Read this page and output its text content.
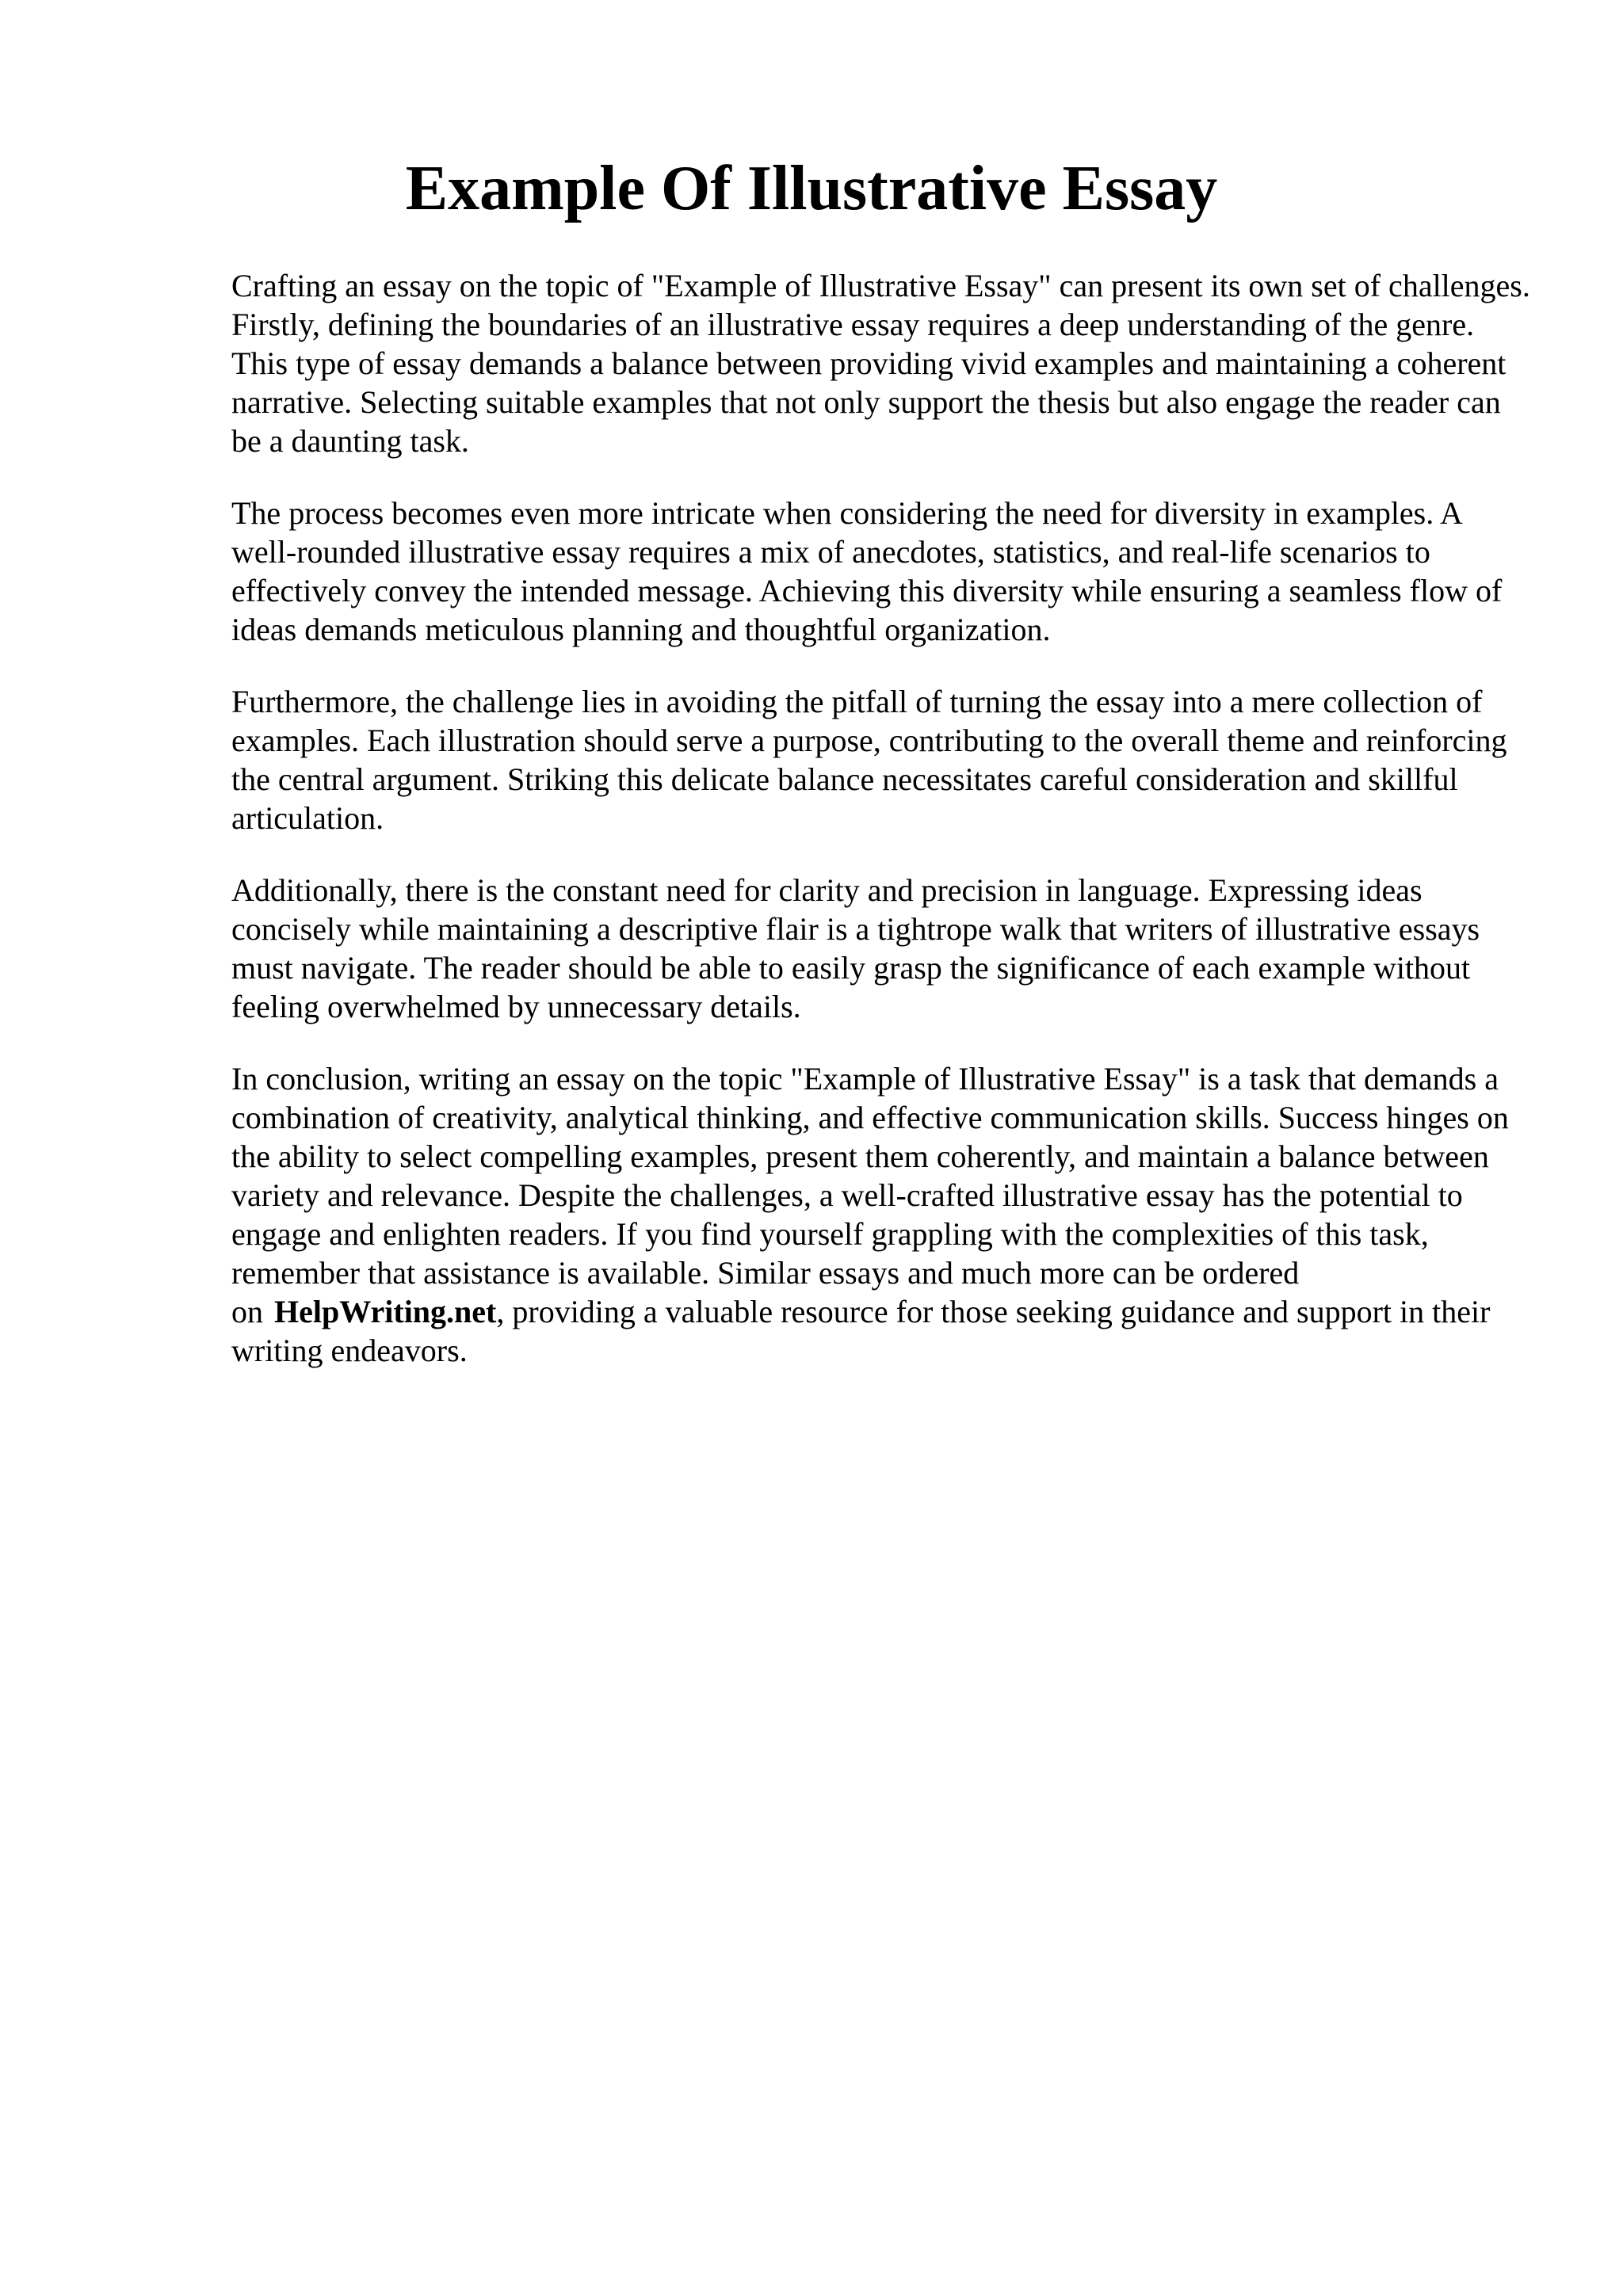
Example Of Illustrative Essay

Crafting an essay on the topic of "Example of Illustrative Essay" can present its own set of challenges. Firstly, defining the boundaries of an illustrative essay requires a deep understanding of the genre. This type of essay demands a balance between providing vivid examples and maintaining a coherent narrative. Selecting suitable examples that not only support the thesis but also engage the reader can be a daunting task.

The process becomes even more intricate when considering the need for diversity in examples. A well-rounded illustrative essay requires a mix of anecdotes, statistics, and real-life scenarios to effectively convey the intended message. Achieving this diversity while ensuring a seamless flow of ideas demands meticulous planning and thoughtful organization.

Furthermore, the challenge lies in avoiding the pitfall of turning the essay into a mere collection of examples. Each illustration should serve a purpose, contributing to the overall theme and reinforcing the central argument. Striking this delicate balance necessitates careful consideration and skillful articulation.

Additionally, there is the constant need for clarity and precision in language. Expressing ideas concisely while maintaining a descriptive flair is a tightrope walk that writers of illustrative essays must navigate. The reader should be able to easily grasp the significance of each example without feeling overwhelmed by unnecessary details.

In conclusion, writing an essay on the topic "Example of Illustrative Essay" is a task that demands a combination of creativity, analytical thinking, and effective communication skills. Success hinges on the ability to select compelling examples, present them coherently, and maintain a balance between variety and relevance. Despite the challenges, a well-crafted illustrative essay has the potential to engage and enlighten readers. If you find yourself grappling with the complexities of this task, remember that assistance is available. Similar essays and much more can be ordered on HelpWriting.net, providing a valuable resource for those seeking guidance and support in their writing endeavors.
